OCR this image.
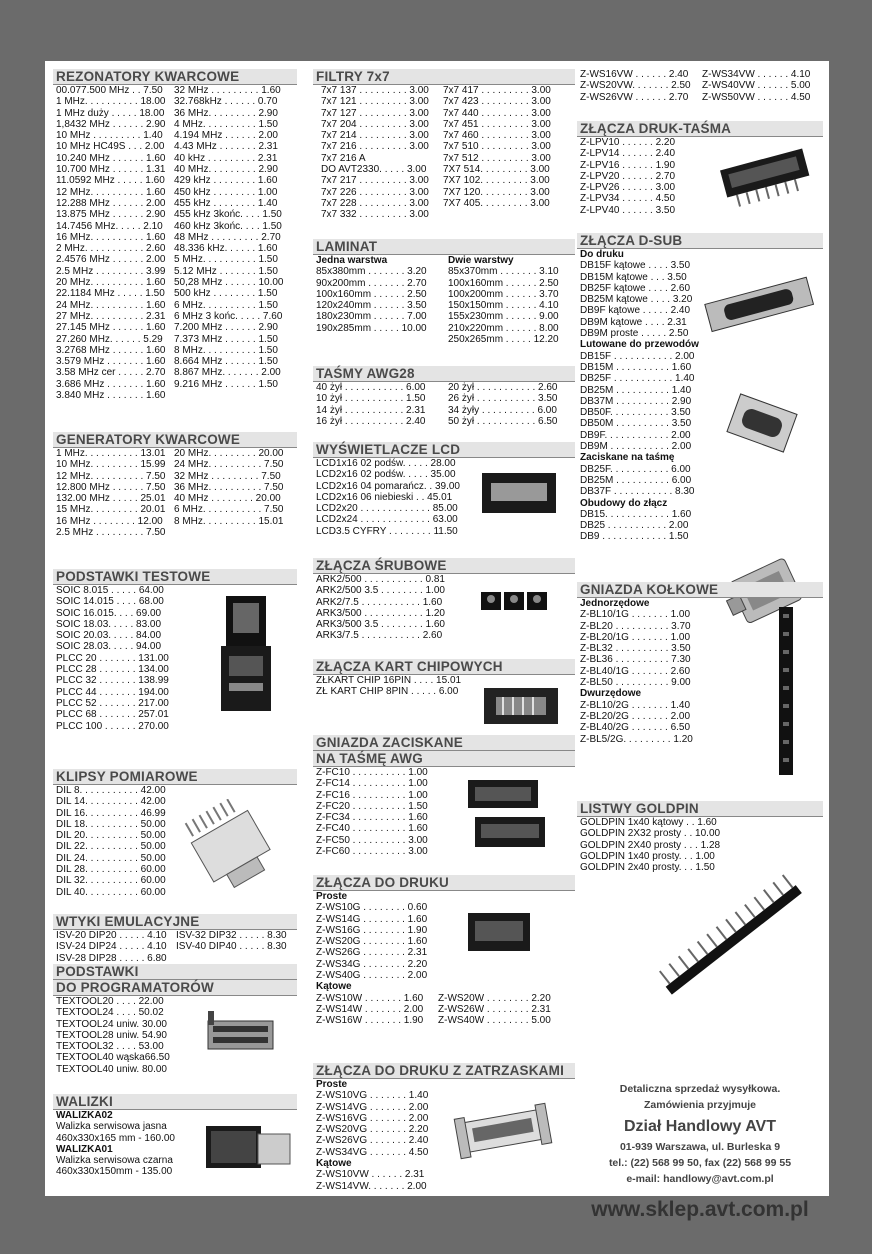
REZONATORY KWARCOWE
00.077.500 MHz . . 7.50 32 MHz . . . . . . . . . 1.60
1 MHz. . . . . . . . . . 18.00 32.768kHz . . . . . . 0.70
1 MHz duży . . . . . 18.00 36 MHz. . . . . . . . . 2.90
1,8432 MHz . . . . . . 2.90 4 MHz. . . . . . . . . . 1.50
10 MHz . . . . . . . . . 1.40 4.194 MHz . . . . . . 2.00
10 MHz HC49S . . . 2.00 4.43 MHz . . . . . . . 2.31
10.240 MHz . . . . . . 1.60 40 kHz . . . . . . . . . 2.31
10.700 MHz . . . . . . 1.31 40 MHz. . . . . . . . . 2.90
11.0592 MHz . . . . . 1.60 429 kHz . . . . . . . . 1.60
12 MHz. . . . . . . . . . 1.60 450 kHz . . . . . . . . 1.00
12.288 MHz . . . . . . 2.00 455 kHz . . . . . . . . 1.40
13.875 MHz . . . . . . 2.90 455 kHz 3końc. . . . 1.50
14.7456 MHz. . . . . 2.10 460 kHz 3końc. . . . 1.50
16 MHz. . . . . . . . . . 1.60 48 MHz . . . . . . . . . 2.70
2 MHz. . . . . . . . . . . 2.60 48.336 kHz. . . . . . 1.60
2.4576 MHz . . . . . . 2.00 5 MHz. . . . . . . . . . 1.50
2.5 MHz . . . . . . . . . 3.99 5.12 MHz . . . . . . . 1.50
20 MHz. . . . . . . . . . 1.60 50,28 MHz . . . . . . 10.00
22.1184 MHz . . . . . 1.50 500 kHz . . . . . . . . 1.50
24 MHz. . . . . . . . . . 1.60 6 MHz. . . . . . . . . . 1.50
27 MHz. . . . . . . . . . 2.31 6 MHz 3 końc. . . . . 7.60
27.145 MHz . . . . . . 1.60 7.200 MHz . . . . . . 2.90
27.260 MHz. . . . . . 5.29 7.373 MHz . . . . . . 1.50
3.2768 MHz . . . . . . 1.60 8 MHz. . . . . . . . . . 1.50
3.579 MHz . . . . . . . 1.60 8.664 MHz . . . . . . 1.50
3.58 MHz cer . . . . . 2.70 8.867 MHz. . . . . . . 2.00
3.686 MHz . . . . . . . 1.60 9.216 MHz . . . . . . 1.50
3.840 MHz . . . . . . . 1.60
GENERATORY KWARCOWE
1 MHz. . . . . . . . . . 13.01 20 MHz. . . . . . . . . 20.00
10 MHz. . . . . . . . . 15.99 24 MHz. . . . . . . . . . 7.50
12 MHz. . . . . . . . . . 7.50 32 MHz . . . . . . . . . 7.50
12.800 MHz . . . . . . 7.50 36 MHz. . . . . . . . . . 7.50
132.00 MHz . . . . . 25.01 40 MHz . . . . . . . . 20.00
15 MHz. . . . . . . . . 20.01 6 MHz. . . . . . . . . . . 7.50
16 MHz . . . . . . . . 12.00 8 MHz. . . . . . . . . . 15.01
2.5 MHz . . . . . . . . . 7.50
PODSTAWKI TESTOWE
SOIC 8.015 . . . . . 64.00
SOIC 14.015 . . . . 68.00
SOIC 16.015. . . . 69.00
SOIC 18.03. . . . . 83.00
SOIC 20.03. . . . . 84.00
SOIC 28.03. . . . . 94.00
PLCC 20 . . . . . . . 131.00
PLCC 28 . . . . . . . 134.00
PLCC 32 . . . . . . . 138.99
PLCC 44 . . . . . . . 194.00
PLCC 52 . . . . . . . 217.00
PLCC 68 . . . . . . . 257.01
PLCC 100 . . . . . . 270.00
KLIPSY POMIAROWE
DIL 8. . . . . . . . . . . 42.00
DIL 14. . . . . . . . . . 42.00
DIL 16. . . . . . . . . . 46.99
DIL 18. . . . . . . . . . 50.00
DIL 20. . . . . . . . . . 50.00
DIL 22. . . . . . . . . . 50.00
DIL 24. . . . . . . . . . 50.00
DIL 28. . . . . . . . . . 60.00
DIL 32. . . . . . . . . . 60.00
DIL 40. . . . . . . . . . 60.00
WTYKI EMULACYJNE
ISV-20 DIP20 . . . . . 4.10 ISV-32 DIP32 . . . . . 8.30
ISV-24 DIP24 . . . . . 4.10 ISV-40 DIP40 . . . . . 8.30
ISV-28 DIP28 . . . . . 6.80
PODSTAWKI
DO PROGRAMATORÓW
TEXTOOL20 . . . . 22.00
TEXTOOL24 . . . . 50.02
TEXTOOL24 uniw. 30.00
TEXTOOL28 uniw. 54.90
TEXTOOL32 . . . . 53.00
TEXTOOL40 wąska66.50
TEXTOOL40 uniw. 80.00
WALIZKI
WALIZKA02
Walizka serwisowa jasna
460x330x165 mm - 160.00
WALIZKA01
Walizka serwisowa czarna
460x330x150mm - 135.00
FILTRY 7x7
7x7 137 . . . . . . . . . 3.00 7x7 417 . . . . . . . . . 3.00
7x7 121 . . . . . . . . . 3.00 7x7 423 . . . . . . . . . 3.00
7x7 127 . . . . . . . . . 3.00 7x7 440 . . . . . . . . . 3.00
7x7 204 . . . . . . . . . 3.00 7x7 451 . . . . . . . . . 3.00
7x7 214 . . . . . . . . . 3.00 7x7 460 . . . . . . . . . 3.00
7x7 216 . . . . . . . . . 3.00 7x7 510 . . . . . . . . . 3.00
7x7 216 A	7x7 512 . . . . . . . . . 3.00
DO AVT2330. . . . . 3.00 7X7 514. . . . . . . . . 3.00
7x7 217 . . . . . . . . . 3.00 7X7 102. . . . . . . . . 3.00
7x7 226 . . . . . . . . . 3.00 7X7 120. . . . . . . . . 3.00
7x7 228 . . . . . . . . . 3.00 7X7 405. . . . . . . . . 3.00
7x7 332 . . . . . . . . . 3.00
LAMINAT
Jedna warstwa	Dwie warstwy
85x380mm . . . . . . . 3.20 85x370mm . . . . . . . 3.10
90x200mm . . . . . . . 2.70 100x160mm . . . . . . 2.50
100x160mm . . . . . . 2.50 100x200mm . . . . . . 3.70
120x240mm . . . . . . 3.50 150x150mm . . . . . . 4.10
180x230mm . . . . . . 7.00 155x230mm . . . . . . 9.00
190x285mm . . . . . 10.00 210x220mm . . . . . . 8.00
250x265mm . . . . . 12.20
TAŚMY AWG28
40 żył . . . . . . . . . . . 6.00 20 żył . . . . . . . . . . . 2.60
10 żył . . . . . . . . . . . 1.50 26 żył . . . . . . . . . . . 3.50
14 żył . . . . . . . . . . . 2.31 34 żyły . . . . . . . . . . 6.00
16 żył . . . . . . . . . . . 2.40 50 żył . . . . . . . . . . . 6.50
WYŚWIETLACZE LCD
LCD1x16 02 podśw. . . . . 28.00
LCD2x16 02 podśw. . . . . 35.00
LCD2x16 04 pomarańcz. . 39.00
LCD2x16 06 niebieski . . 45.01
LCD2x20 . . . . . . . . . . . . . 85.00
LCD2x24 . . . . . . . . . . . . . 63.00
LCD3.5 CYFRY . . . . . . . . 11.50
ZŁĄCZA ŚRUBOWE
ARK2/500 . . . . . . . . . . . 0.81
ARK2/500 3.5 . . . . . . . . 1.00
ARK2/7.5 . . . . . . . . . . . 1.60
ARK3/500 . . . . . . . . . . . 1.20
ARK3/500 3.5 . . . . . . . . 1.60
ARK3/7.5 . . . . . . . . . . . 2.60
ZŁĄCZA KART CHIPOWYCH
ZŁKART CHIP 16PIN . . . . 15.01
ZŁ KART CHIP 8PIN . . . . . 6.00
GNIAZDA ZACISKANE
NA TAŚMĘ AWG
Z-FC10 . . . . . . . . . . 1.00
Z-FC14 . . . . . . . . . . 1.00
Z-FC16 . . . . . . . . . . 1.00
Z-FC20 . . . . . . . . . . 1.50
Z-FC34 . . . . . . . . . . 1.60
Z-FC40 . . . . . . . . . . 1.60
Z-FC50 . . . . . . . . . . 3.00
Z-FC60 . . . . . . . . . . 3.00
ZŁĄCZA DO DRUKU
Proste
Z-WS10G . . . . . . . . 0.60
Z-WS14G . . . . . . . . 1.60
Z-WS16G . . . . . . . . 1.90
Z-WS20G . . . . . . . . 1.60
Z-WS26G . . . . . . . . 2.31
Z-WS34G . . . . . . . . 2.20
Z-WS40G . . . . . . . . 2.00
Kątowe
Z-WS10W . . . . . . . 1.60 Z-WS20W . . . . . . . . 2.20
Z-WS14W . . . . . . . 2.00 Z-WS26W . . . . . . . . 2.31
Z-WS16W . . . . . . . 1.90 Z-WS40W . . . . . . . . 5.00
ZŁĄCZA DO DRUKU Z ZATRZASKAMI
Proste
Z-WS10VG . . . . . . . 1.40
Z-WS14VG . . . . . . . 2.00
Z-WS16VG . . . . . . . 2.00
Z-WS20VG . . . . . . . 2.20
Z-WS26VG . . . . . . . 2.40
Z-WS34VG . . . . . . . 4.50
Kątowe
Z-WS10VW . . . . . . 2.31
Z-WS14VW. . . . . . . 2.00
Z-WS16VW . . . . . . 2.40 Z-WS34VW . . . . . . 4.10
Z-WS20VW. . . . . . . 2.50 Z-WS40VW . . . . . . 5.00
Z-WS26VW . . . . . . 2.70 Z-WS50VW . . . . . . 4.50
ZŁĄCZA DRUK-TAŚMA
Z-LPV10 . . . . . . 2.20
Z-LPV14 . . . . . . 2.40
Z-LPV16 . . . . . . 1.90
Z-LPV20 . . . . . . 2.70
Z-LPV26 . . . . . . 3.00
Z-LPV34 . . . . . . 4.50
Z-LPV40 . . . . . . 3.50
ZŁĄCZA D-SUB
Do druku
DB15F kątowe . . . . 3.50
DB15M kątowe . . . 3.50
DB25F kątowe . . . . 2.60
DB25M kątowe . . . . 3.20
DB9F kątowe . . . . . 2.40
DB9M kątowe . . . . 2.31
DB9M proste . . . . . 2.50
Lutowane do przewodów
DB15F . . . . . . . . . . . 2.00
DB15M . . . . . . . . . . 1.60
DB25F . . . . . . . . . . . 1.40
DB25M . . . . . . . . . . 1.40
DB37M . . . . . . . . . . 2.90
DB50F. . . . . . . . . . . 3.50
DB50M . . . . . . . . . . 3.50
DB9F. . . . . . . . . . . . 2.00
DB9M . . . . . . . . . . . 2.00
Zaciskane na taśmę
DB25F. . . . . . . . . . . 6.00
DB25M . . . . . . . . . . 6.00
DB37F . . . . . . . . . . . 8.30
Obudowy do złącz
DB15. . . . . . . . . . . . 1.60
DB25 . . . . . . . . . . . 2.00
DB9 . . . . . . . . . . . . 1.50
GNIAZDA KOŁKOWE
Jednorzędowe
Z-BL10/1G . . . . . . . 1.00
Z-BL20 . . . . . . . . . . 3.70
Z-BL20/1G . . . . . . . 1.00
Z-BL32 . . . . . . . . . . 3.50
Z-BL36 . . . . . . . . . . 7.30
Z-BL40/1G . . . . . . . 2.60
Z-BL50 . . . . . . . . . . 9.00
Dwurzędowe
Z-BL10/2G . . . . . . . 1.40
Z-BL20/2G . . . . . . . 2.00
Z-BL40/2G . . . . . . . 6.50
Z-BL5/2G. . . . . . . . . 1.20
LISTWY GOLDPIN
GOLDPIN 1x40 kątowy . . 1.60
GOLDPIN 2X32 prosty . . 10.00
GOLDPIN 2X40 prosty . . . 1.28
GOLDPIN 1x40 prosty. . . 1.00
GOLDPIN 2x40 prosty. . . 1.50
Detaliczna sprzedaż wysyłkowa.
Zamówienia przyjmuje
Dział Handlowy AVT
01-939 Warszawa, ul. Burleska 9
tel.: (22) 568 99 50, fax (22) 568 99 55
e-mail: handlowy@avt.com.pl
www.sklep.avt.com.pl
